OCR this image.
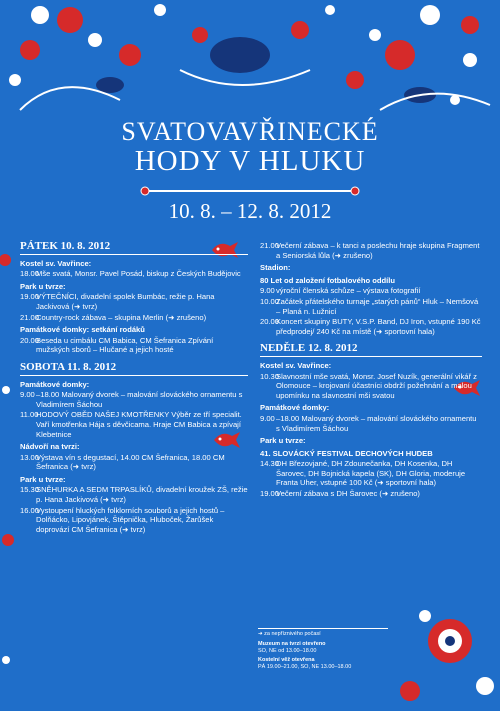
SVATOVAVŘINECKÉ
HODY V HLUKU
10. 8. – 12. 8. 2012
PÁTEK 10. 8. 2012
Kostel sv. Vavřince:
18.00
Mše svatá, Monsr. Pavel Posád, biskup z Českých Budějovic
Park u tvrze:
19.00
VÝTEČNÍCI, divadelní spolek Bumbác, režie p. Hana Jackivová (➜ tvrz)
21.00
Country-rock zábava – skupina Merlin (➜ zrušeno)
Památkové domky: setkání rodáků
20.00
Beseda u cimbálu CM Babica, CM Šefranica Zpívání mužských sborů – Hlučané a jejich hosté
SOBOTA 11. 8. 2012
Památkové domky:
9.00 –18.00 Malovaný dvorek – malování slováckého ornamentu s Vladimírem Šáchou
11.00
HODOVÝ OBĚD NAŠEJ KMOTŘENKY Výběr ze tří specialit. Vaří kmotřenka Hája s děvčicama. Hraje CM Babica a zpívají Klebetnice
Nádvoří na tvrzi:
13.00
Výstava vín s degustací, 14.00 CM Šefranica, 18.00 CM Šefranica (➜ tvrz)
Park u tvrze:
15.30
SNĚHURKA A SEDM TRPASLÍKŮ, divadelní kroužek ZŠ, režie p. Hana Jackivová (➜ tvrz)
16.00
Vystoupení hluckých folklorních souborů a jejich hostů – Dolňácko, Lipovjánek, Štěpnička, Hluboček, Žarůšek doprovází CM Šefranica (➜ tvrz)
21.00
Večerní zábava – k tanci a poslechu hraje skupina Fragment a Seniorská lůla (➜ zrušeno)
Stadion:
80 Let od založení fotbalového oddílu
9.00 výroční členská schůze – výstava fotografií
10.00
Začátek přátelského turnaje „starých pánů“ Hluk – Nemšová – Planá n. Lužnicí
20.00
Koncert skupiny BUTY, V.S.P. Band, DJ Iron, vstupné 190 Kč předprodej/ 240 Kč na místě (➜ sportovní hala)
NEDĚLE 12. 8. 2012
Kostel sv. Vavřince:
10.30
Slavnostní mše svatá, Monsr. Josef Nuzík, generální vikář z Olomouce – krojovaní účastníci obdrží požehnání a malou upomínku na slavnostní mši svatou
Památkové domky:
9.00 –18.00 Malovaný dvorek – malování slováckého ornamentu s Vladimírem Šáchou
Park u tvrze:
41. SLOVÁCKÝ FESTIVAL DECHOVÝCH HUDEB
14.30
DH Březovjané, DH Zdounečanka, DH Kosenka, DH Šarovec, DH Bojnická kapela (SK), DH Gloria, moderuje Franta Uher, vstupné 100 Kč (➜ sportovní hala)
19.00
Večerní zábava s DH Šarovec (➜ zrušeno)
➜ za nepříznivého počasí
Muzeum na tvrzi otevřeno
SO, NE od 13.00–18.00
Kostelní věž otevřena
PÁ 19.00–21.00, SO, NE 13.00–18.00
